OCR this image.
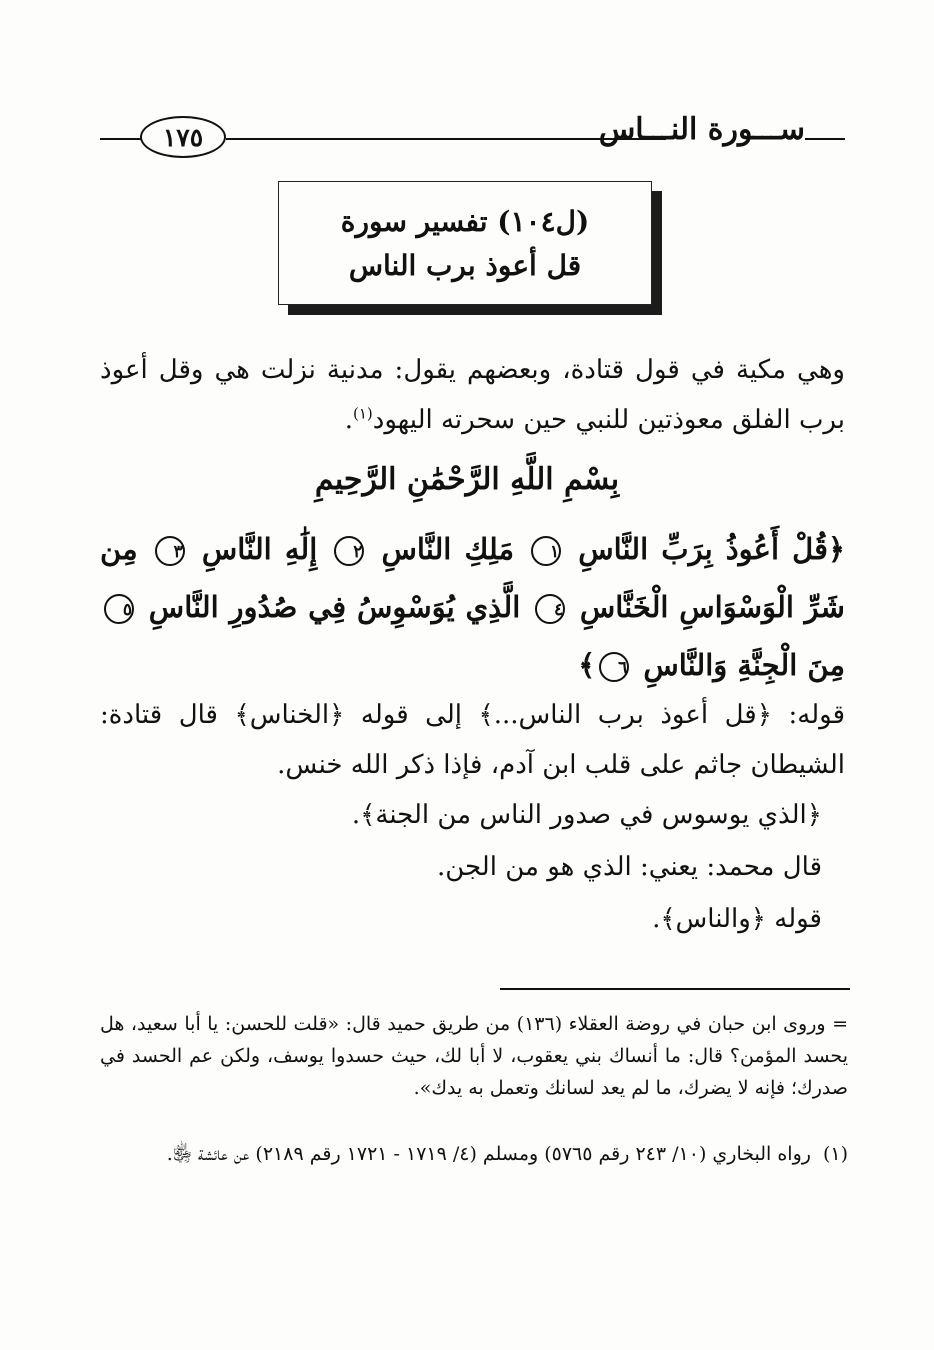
١٧٥	ســـورة النـــاس
(ل١٠٤) تفسير سورة
قل أعوذ برب الناس
وهي مكية في قول قتادة، وبعضهم يقول: مدنية نزلت هي وقل أعوذ برب الفلق معوذتين للنبي حين سحرته اليهود$^{(١)}$.
بِسْمِ اللَّهِ الرَّحْمَٰنِ الرَّحِيمِ
﴿قُلْ أَعُوذُ بِرَبِّ النَّاسِ ١ مَلِكِ النَّاسِ ٢ إِلَٰهِ النَّاسِ ٣ مِن شَرِّ الْوَسْوَاسِ الْخَنَّاسِ ٤ الَّذِي يُوَسْوِسُ فِي صُدُورِ النَّاسِ ٥ مِنَ الْجِنَّةِ وَالنَّاسِ ٦﴾
قوله: ﴿قل أعوذ برب الناس...﴾ إلى قوله ﴿الخناس﴾ قال قتادة: الشيطان جاثم على قلب ابن آدم، فإذا ذكر الله خنس.
﴿الذي يوسوس في صدور الناس من الجنة﴾.
قال محمد: يعني: الذي هو من الجن.
قوله ﴿والناس﴾.
= وروى ابن حبان في روضة العقلاء (١٣٦) من طريق حميد قال: «قلت للحسن: يا أبا سعيد، هل يحسد المؤمن؟ قال: ما أنساك بني يعقوب، لا أبا لك، حيث حسدوا يوسف، ولكن عم الحسد في صدرك؛ فإنه لا يضرك، ما لم يعد لسانك وتعمل به يدك».
(١)رواه البخاري (١٠/ ٢٤٣ رقم ٥٧٦٥) ومسلم (٤/ ١٧١٩ - ١٧٢١ رقم ٢١٨٩) عن عائشة ﵂.
